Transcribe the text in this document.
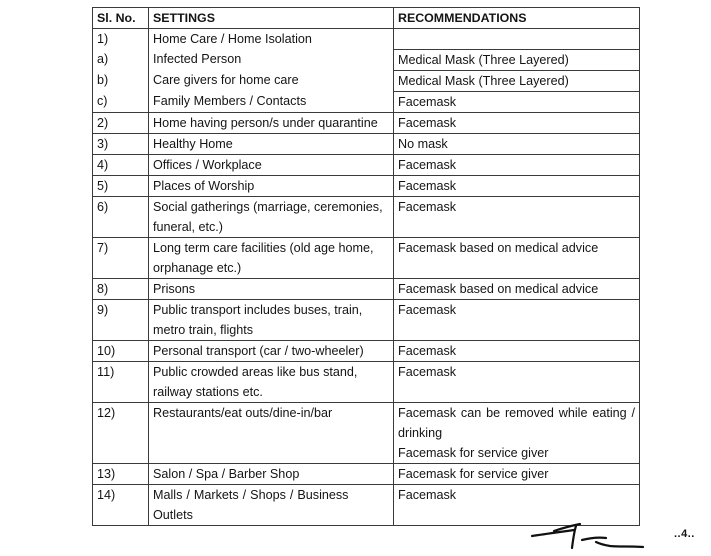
Sl. No.	SETTINGS	RECOMMENDATIONS
1)	Home Care / Home Isolation	
a)	Infected Person	Medical Mask (Three Layered)
b)	Care givers for home care	Medical Mask (Three Layered)
c)	Family Members / Contacts	Facemask
2)	Home having person/s under quarantine	Facemask
3)	Healthy Home	No mask
4)	Offices / Workplace	Facemask
5)	Places of Worship	Facemask
6)	Social gatherings (marriage, ceremonies, funeral, etc.)	Facemask
7)	Long term care facilities (old age home, orphanage etc.)	Facemask based on medical advice
8)	Prisons	Facemask based on medical advice
9)	Public transport includes buses, train, metro train, flights	Facemask
10)	Personal transport (car / two-wheeler)	Facemask
11)	Public crowded areas like bus stand, railway stations etc.	Facemask
12)	Restaurants/eat outs/dine-in/bar	Facemask can be removed while eating / drinking
Facemask for service giver

13)	Salon / Spa / Barber Shop	Facemask for service giver
14)	Malls / Markets / Shops / Business Outlets	Facemask
..4..
